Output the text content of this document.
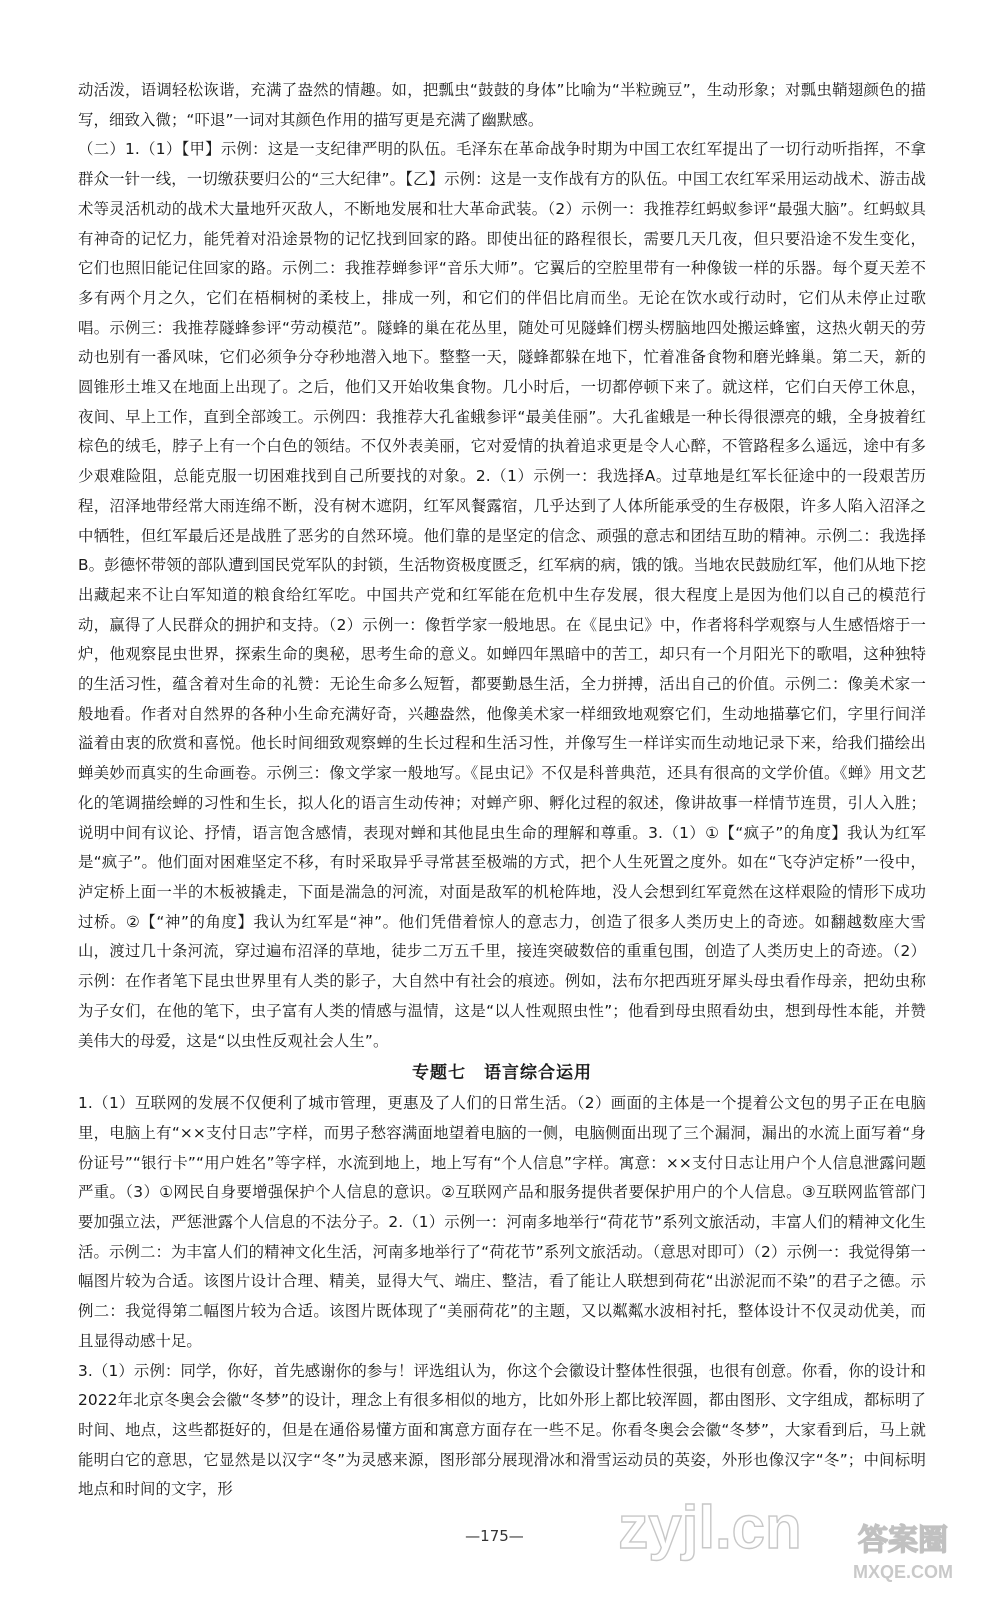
动活泼，语调轻松诙谐，充满了盎然的情趣。如，把瓢虫“鼓鼓的身体”比喻为“半粒豌豆”，生动形象；对瓢虫鞘翅颜色的描写，细致入微；“吓退”一词对其颜色作用的描写更是充满了幽默感。

（二）1.（1）【甲】示例：这是一支纪律严明的队伍。毛泽东在革命战争时期为中国工农红军提出了一切行动听指挥，不拿群众一针一线，一切缴获要归公的“三大纪律”。【乙】示例：这是一支作战有方的队伍。中国工农红军采用运动战术、游击战术等灵活机动的战术大量地歼灭敌人，不断地发展和壮大革命武装。（2）示例一：我推荐红蚂蚁参评“最强大脑”。红蚂蚁具有神奇的记忆力，能凭着对沿途景物的记忆找到回家的路。即使出征的路程很长，需要几天几夜，但只要沿途不发生变化，它们也照旧能记住回家的路。示例二：我推荐蝉参评“音乐大师”。它翼后的空腔里带有一种像钹一样的乐器。每个夏天差不多有两个月之久，它们在梧桐树的柔枝上，排成一列，和它们的伴侣比肩而坐。无论在饮水或行动时，它们从未停止过歌唱。示例三：我推荐隧蜂参评“劳动模范”。隧蜂的巢在花丛里，随处可见隧蜂们楞头楞脑地四处搬运蜂蜜，这热火朝天的劳动也别有一番风味，它们必须争分夺秒地潜入地下。整整一天，隧蜂都躲在地下，忙着准备食物和磨光蜂巢。第二天，新的圆锥形土堆又在地面上出现了。之后，他们又开始收集食物。几小时后，一切都停顿下来了。就这样，它们白天停工休息，夜间、早上工作，直到全部竣工。示例四：我推荐大孔雀蛾参评“最美佳丽”。大孔雀蛾是一种长得很漂亮的蛾，全身披着红棕色的绒毛，脖子上有一个白色的领结。不仅外表美丽，它对爱情的执着追求更是令人心醉，不管路程多么遥远，途中有多少艰难险阻，总能克服一切困难找到自己所要找的对象。2.（1）示例一：我选择A。过草地是红军长征途中的一段艰苦历程，沼泽地带经常大雨连绵不断，没有树木遮阴，红军风餐露宿，几乎达到了人体所能承受的生存极限，许多人陷入沼泽之中牺牲，但红军最后还是战胜了恶劣的自然环境。他们靠的是坚定的信念、顽强的意志和团结互助的精神。示例二：我选择B。彭德怀带领的部队遭到国民党军队的封锁，生活物资极度匮乏，红军病的病，饿的饿。当地农民鼓励红军，他们从地下挖出藏起来不让白军知道的粮食给红军吃。中国共产党和红军能在危机中生存发展，很大程度上是因为他们以自己的模范行动，赢得了人民群众的拥护和支持。（2）示例一：像哲学家一般地思。在《昆虫记》中，作者将科学观察与人生感悟熔于一炉，他观察昆虫世界，探索生命的奥秘，思考生命的意义。如蝉四年黑暗中的苦工，却只有一个月阳光下的歌唱，这种独特的生活习性，蕴含着对生命的礼赞：无论生命多么短暂，都要勤恳生活，全力拼搏，活出自己的价值。示例二：像美术家一般地看。作者对自然界的各种小生命充满好奇，兴趣盎然，他像美术家一样细致地观察它们，生动地描摹它们，字里行间洋溢着由衷的欣赏和喜悦。他长时间细致观察蝉的生长过程和生活习性，并像写生一样详实而生动地记录下来，给我们描绘出蝉美妙而真实的生命画卷。示例三：像文学家一般地写。《昆虫记》不仅是科普典范，还具有很高的文学价值。《蝉》用文艺化的笔调描绘蝉的习性和生长，拟人化的语言生动传神；对蝉产卵、孵化过程的叙述，像讲故事一样情节连贯，引人入胜；说明中间有议论、抒情，语言饱含感情，表现对蝉和其他昆虫生命的理解和尊重。3.（1）①【“疯子”的角度】我认为红军是“疯子”。他们面对困难坚定不移，有时采取异乎寻常甚至极端的方式，把个人生死置之度外。如在“飞夺泸定桥”一役中，泸定桥上面一半的木板被撬走，下面是湍急的河流，对面是敌军的机枪阵地，没人会想到红军竟然在这样艰险的情形下成功过桥。②【“神”的角度】我认为红军是“神”。他们凭借着惊人的意志力，创造了很多人类历史上的奇迹。如翻越数座大雪山，渡过几十条河流，穿过遍布沼泽的草地，徒步二万五千里，接连突破数倍的重重包围，创造了人类历史上的奇迹。（2）示例：在作者笔下昆虫世界里有人类的影子，大自然中有社会的痕迹。例如，法布尔把西班牙犀头母虫看作母亲，把幼虫称为子女们，在他的笔下，虫子富有人类的情感与温情，这是“以人性观照虫性”；他看到母虫照看幼虫，想到母性本能，并赞美伟大的母爱，这是“以虫性反观社会人生”。

专题七　语言综合运用

1.（1）互联网的发展不仅便利了城市管理，更惠及了人们的日常生活。（2）画面的主体是一个提着公文包的男子正在电脑里，电脑上有“××支付日志”字样，而男子愁容满面地望着电脑的一侧，电脑侧面出现了三个漏洞，漏出的水流上面写着“身份证号”“银行卡”“用户姓名”等字样，水流到地上，地上写有“个人信息”字样。寓意：××支付日志让用户个人信息泄露问题严重。（3）①网民自身要增强保护个人信息的意识。②互联网产品和服务提供者要保护用户的个人信息。③互联网监管部门要加强立法，严惩泄露个人信息的不法分子。2.（1）示例一：河南多地举行“荷花节”系列文旅活动，丰富人们的精神文化生活。示例二：为丰富人们的精神文化生活，河南多地举行了“荷花节”系列文旅活动。（意思对即可）（2）示例一：我觉得第一幅图片较为合适。该图片设计合理、精美，显得大气、端庄、整洁，看了能让人联想到荷花“出淤泥而不染”的君子之德。示例二：我觉得第二幅图片较为合适。该图片既体现了“美丽荷花”的主题，又以粼粼水波相衬托，整体设计不仅灵动优美，而且显得动感十足。

3.（1）示例：同学，你好，首先感谢你的参与！评选组认为，你这个会徽设计整体性很强，也很有创意。你看，你的设计和2022年北京冬奥会会徽“冬梦”的设计，理念上有很多相似的地方，比如外形上都比较浑圆，都由图形、文字组成，都标明了时间、地点，这些都挺好的，但是在通俗易懂方面和寓意方面存在一些不足。你看冬奥会会徽“冬梦”，大家看到后，马上就能明白它的意思，它显然是以汉字“冬”为灵感来源，图形部分展现滑冰和滑雪运动员的英姿，外形也像汉字“冬”；中间标明地点和时间的文字，形

—175—	zyjl.cn 答案圈
MXQE.COM
